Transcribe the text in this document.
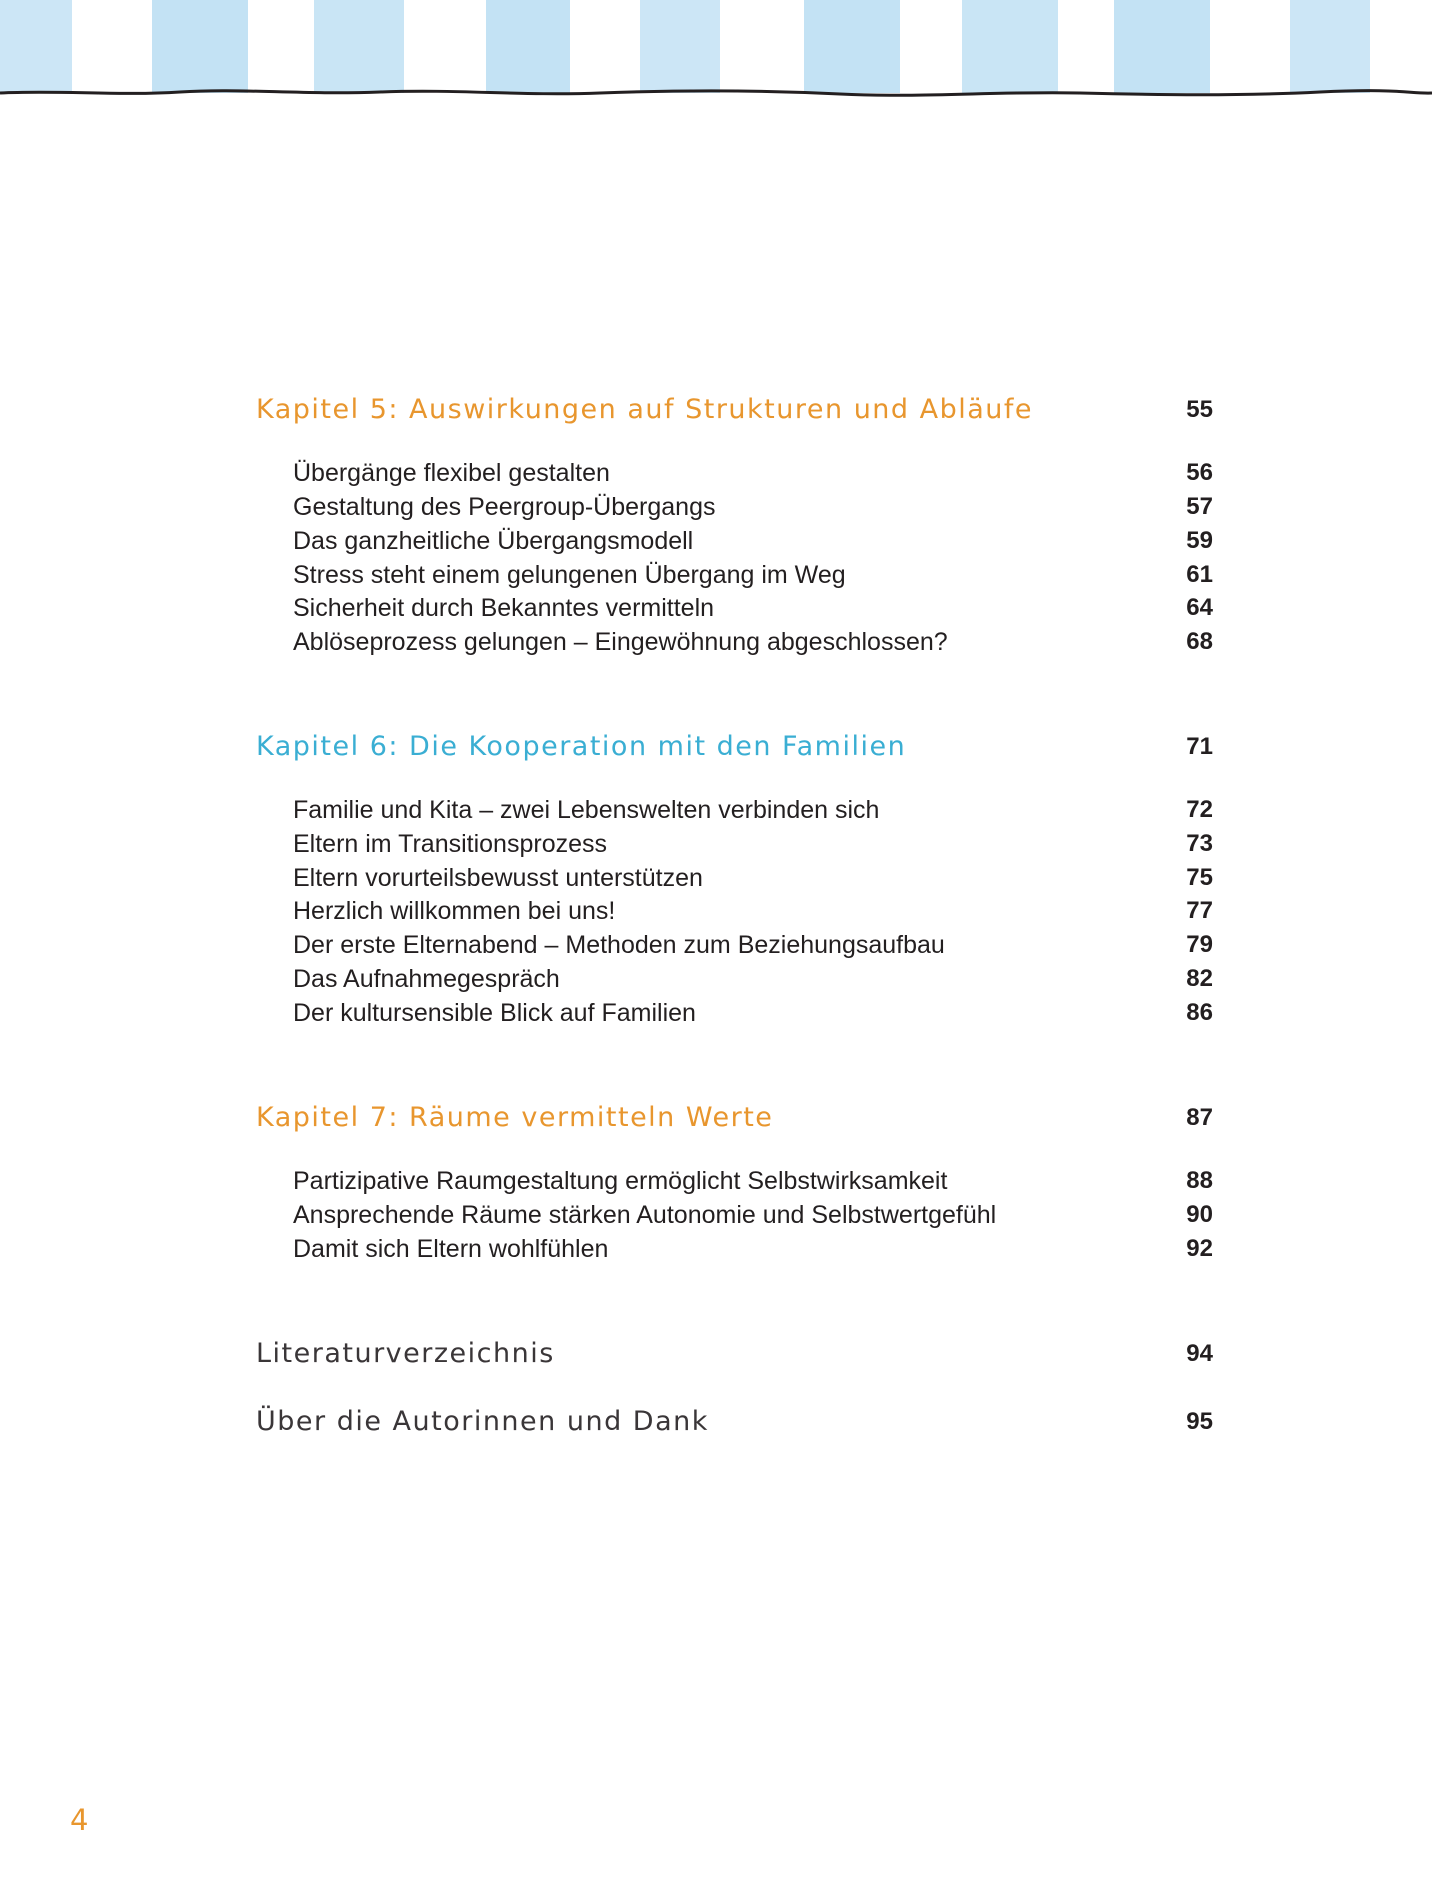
Kapitel 5: Auswirkungen auf Strukturen und Abläufe	55
Übergänge flexibel gestalten	56
Gestaltung des Peergroup-Übergangs	57
Das ganzheitliche Übergangsmodell	59
Stress steht einem gelungenen Übergang im Weg	61
Sicherheit durch Bekanntes vermitteln	64
Ablöseprozess gelungen – Eingewöhnung abgeschlossen?	68
Kapitel 6: Die Kooperation mit den Familien	71
Familie und Kita – zwei Lebenswelten verbinden sich	72
Eltern im Transitionsprozess	73
Eltern vorurteilsbewusst unterstützen	75
Herzlich willkommen bei uns!	77
Der erste Elternabend – Methoden zum Beziehungsaufbau	79
Das Aufnahmegespräch	82
Der kultursensible Blick auf Familien	86
Kapitel 7: Räume vermitteln Werte	87
Partizipative Raumgestaltung ermöglicht Selbstwirksamkeit	88
Ansprechende Räume stärken Autonomie und Selbstwertgefühl	90
Damit sich Eltern wohlfühlen	92
Literaturverzeichnis	94
Über die Autorinnen und Dank	95
4
